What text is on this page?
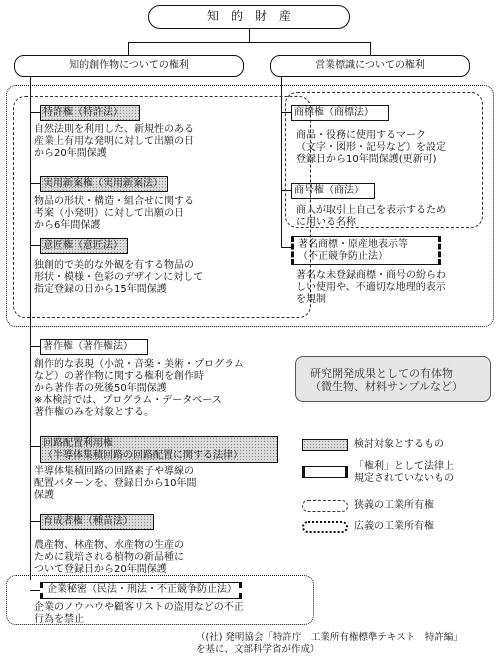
知　的　財　産
知的創作物についての権利	営業標識についての権利
特許権（特許法）
自然法則を利用した、新規性のある
産業上有用な発明に対して出願の日
から20年間保護
実用新案権（実用新案法）
物品の形状・構造・組合せに関する
考案（小発明）に対して出願の日
から6年間保護
意匠権（意匠法）
独創的で美的な外観を有する物品の
形状・模様・色彩のデザインに対して
指定登録の日から15年間保護
著作権（著作権法）
創作的な表現（小説・音楽・美術・プログラム
など）の著作物に関する権利を創作時
から著作者の死後50年間保護
※本検討では、プログラム・データベース
著作権のみを対象とする。
回路配置利用権
（半導体集積回路の回路配置に関する法律）
半導体集積回路の回路素子や導線の
配置パターンを、登録日から10年間
保護
育成者権（種苗法）
農産物、林産物、水産物の生産の
ために栽培される植物の新品種に
ついて登録日から20年間保護
企業秘密（民法・刑法・不正競争防止法）
企業のノウハウや顧客リストの盗用などの不正
行為を禁止
商標権（商標法）
商品・役務に使用するマーク
（文字・図形・記号など）を設定
登録日から10年間保護(更新可)
商号権（商法）
商人が取引上自己を表示するため
に用いる名称
著名商標・原産地表示等
（不正競争防止法）
著名な未登録商標・商号の紛らわ
しい使用や、不適切な地理的表示
を規制
研究開発成果としての有体物
（微生物、材料サンプルなど）
検討対象とするもの
「権利」として法律上
規定されていないもの
狭義の工業所有権
広義の工業所有権
（(社) 発明協会「特許庁　工業所有権標準テキスト　特許編」
を基に、文部科学省が作成）
